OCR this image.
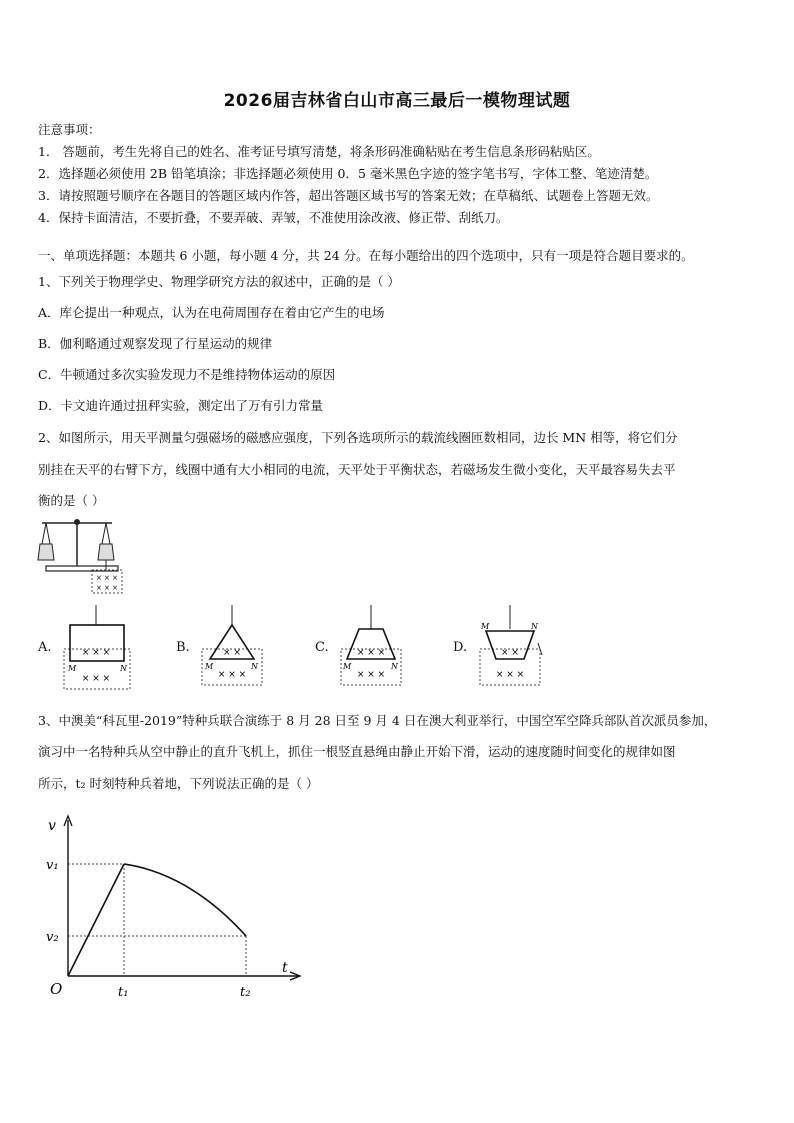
2026届吉林省白山市高三最后一模物理试题
注意事项：
1． 答题前，考生先将自己的姓名、准考证号填写清楚，将条形码准确粘贴在考生信息条形码粘贴区。
2．选择题必须使用 2B 铅笔填涂；非选择题必须使用 0．5 毫米黑色字迹的签字笔书写，字体工整、笔迹清楚。
3．请按照题号顺序在各题目的答题区域内作答，超出答题区域书写的答案无效；在草稿纸、试题卷上答题无效。
4．保持卡面清洁，不要折叠，不要弄破、弄皱，不准使用涂改液、修正带、刮纸刀。
一、单项选择题：本题共 6 小题，每小题 4 分，共 24 分。在每小题给出的四个选项中，只有一项是符合题目要求的。
1、下列关于物理学史、物理学研究方法的叙述中，正确的是（ ）
A．库仑提出一种观点，认为在电荷周围存在着由它产生的电场
B．伽利略通过观察发现了行星运动的规律
C．牛顿通过多次实验发现力不是维持物体运动的原因
D．卡文迪许通过扭秤实验，测定出了万有引力常量
2、如图所示，用天平测量匀强磁场的磁感应强度，下列各选项所示的载流线圈匝数相同，边长 MN 相等，将它们分
别挂在天平的右臂下方，线圈中通有大小相同的电流，天平处于平衡状态，若磁场发生微小变化，天平最容易失去平
衡的是（ ）
× × ×
× × ×
A.	× × ×
× × ×
M	N
B.	× ×
× × ×
M	N
C.	× × ×
× × ×
M	N
D.	× ×
× × ×
M	N
3、中澳美“科瓦里-2019”特种兵联合演练于 8 月 28 日至 9 月 4 日在澳大利亚举行，中国空军空降兵部队首次派员参加，
演习中一名特种兵从空中静止的直升飞机上，抓住一根竖直悬绳由静止开始下滑，运动的速度随时间变化的规律如图
所示，t₂ 时刻特种兵着地，下列说法正确的是（ ）
v
t
O
v₁
v₂
t₁	t₂
